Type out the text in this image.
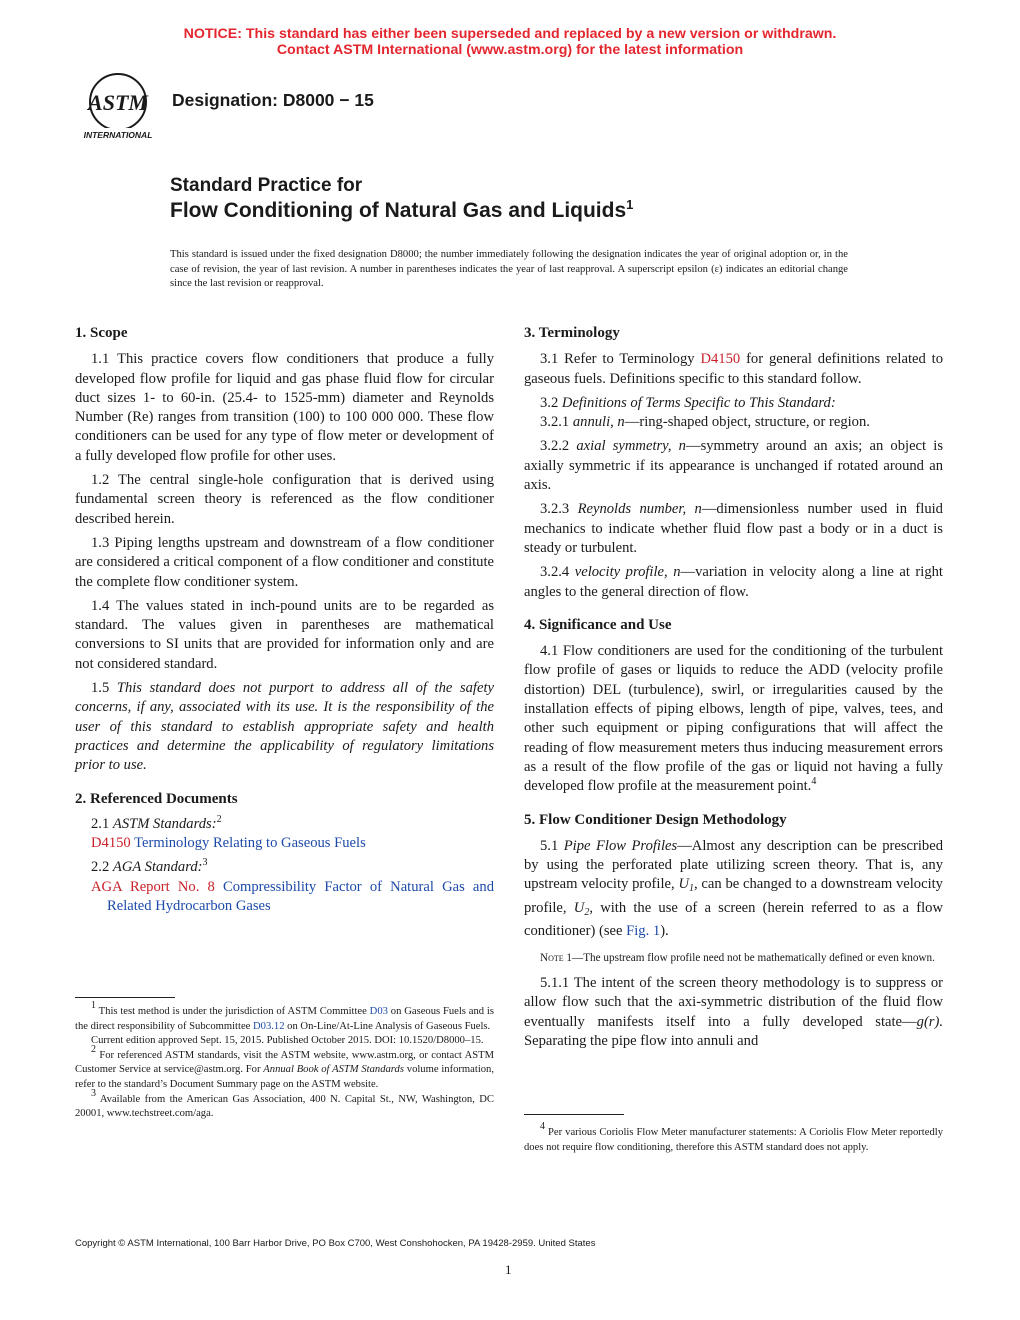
NOTICE: This standard has either been superseded and replaced by a new version or withdrawn.
Contact ASTM International (www.astm.org) for the latest information
ASTM
INTERNATIONAL
Designation: D8000 − 15
Standard Practice for
Flow Conditioning of Natural Gas and Liquids$^1$
This standard is issued under the fixed designation D8000; the number immediately following the designation indicates the year of original adoption or, in the case of revision, the year of last revision. A number in parentheses indicates the year of last reapproval. A superscript epsilon (ε) indicates an editorial change since the last revision or reapproval.

1. Scope

1.1 This practice covers flow conditioners that produce a fully developed flow profile for liquid and gas phase fluid flow for circular duct sizes 1- to 60-in. (25.4- to 1525-mm) diameter and Reynolds Number (Re) ranges from transition (100) to 100 000 000. These flow conditioners can be used for any type of flow meter or development of a fully developed flow profile for other uses.

1.2 The central single-hole configuration that is derived using fundamental screen theory is referenced as the flow conditioner described herein.

1.3 Piping lengths upstream and downstream of a flow conditioner are considered a critical component of a flow conditioner and constitute the complete flow conditioner system.

1.4 The values stated in inch-pound units are to be regarded as standard. The values given in parentheses are mathematical conversions to SI units that are provided for information only and are not considered standard.

1.5 This standard does not purport to address all of the safety concerns, if any, associated with its use. It is the responsibility of the user of this standard to establish appropriate safety and health practices and determine the applicability of regulatory limitations prior to use.

2. Referenced Documents

2.1 ASTM Standards:$^2$

D4150 Terminology Relating to Gaseous Fuels

2.2 AGA Standard:$^3$

AGA Report No. 8 Compressibility Factor of Natural Gas and Related Hydrocarbon Gases

1 This test method is under the jurisdiction of ASTM Committee D03 on Gaseous Fuels and is the direct responsibility of Subcommittee D03.12 on On-Line/At-Line Analysis of Gaseous Fuels.

Current edition approved Sept. 15, 2015. Published October 2015. DOI: 10.1520/D8000–15.

2 For referenced ASTM standards, visit the ASTM website, www.astm.org, or contact ASTM Customer Service at service@astm.org. For Annual Book of ASTM Standards volume information, refer to the standard’s Document Summary page on the ASTM website.

3 Available from the American Gas Association, 400 N. Capital St., NW, Washington, DC 20001, www.techstreet.com/aga.

3. Terminology

3.1 Refer to Terminology D4150 for general definitions related to gaseous fuels. Definitions specific to this standard follow.

3.2 Definitions of Terms Specific to This Standard:

3.2.1 annuli, n—ring-shaped object, structure, or region.

3.2.2 axial symmetry, n—symmetry around an axis; an object is axially symmetric if its appearance is unchanged if rotated around an axis.

3.2.3 Reynolds number, n—dimensionless number used in fluid mechanics to indicate whether fluid flow past a body or in a duct is steady or turbulent.

3.2.4 velocity profile, n—variation in velocity along a line at right angles to the general direction of flow.

4. Significance and Use

4.1 Flow conditioners are used for the conditioning of the turbulent flow profile of gases or liquids to reduce the ADD (velocity profile distortion) DEL (turbulence), swirl, or irregularities caused by the installation effects of piping elbows, length of pipe, valves, tees, and other such equipment or piping configurations that will affect the reading of flow measurement meters thus inducing measurement errors as a result of the flow profile of the gas or liquid not having a fully developed flow profile at the measurement point.$^4$

5. Flow Conditioner Design Methodology

5.1 Pipe Flow Profiles—Almost any description can be prescribed by using the perforated plate utilizing screen theory. That is, any upstream velocity profile, $U_1$, can be changed to a downstream velocity profile, $U_2$, with the use of a screen (herein referred to as a flow conditioner) (see Fig. 1).

Note 1—The upstream flow profile need not be mathematically defined or even known.

5.1.1 The intent of the screen theory methodology is to suppress or allow flow such that the axi-symmetric distribution of the fluid flow eventually manifests itself into a fully developed state—g(r). Separating the pipe flow into annuli and

4 Per various Coriolis Flow Meter manufacturer statements: A Coriolis Flow Meter reportedly does not require flow conditioning, therefore this ASTM standard does not apply.

Copyright © ASTM International, 100 Barr Harbor Drive, PO Box C700, West Conshohocken, PA 19428-2959. United States
1
